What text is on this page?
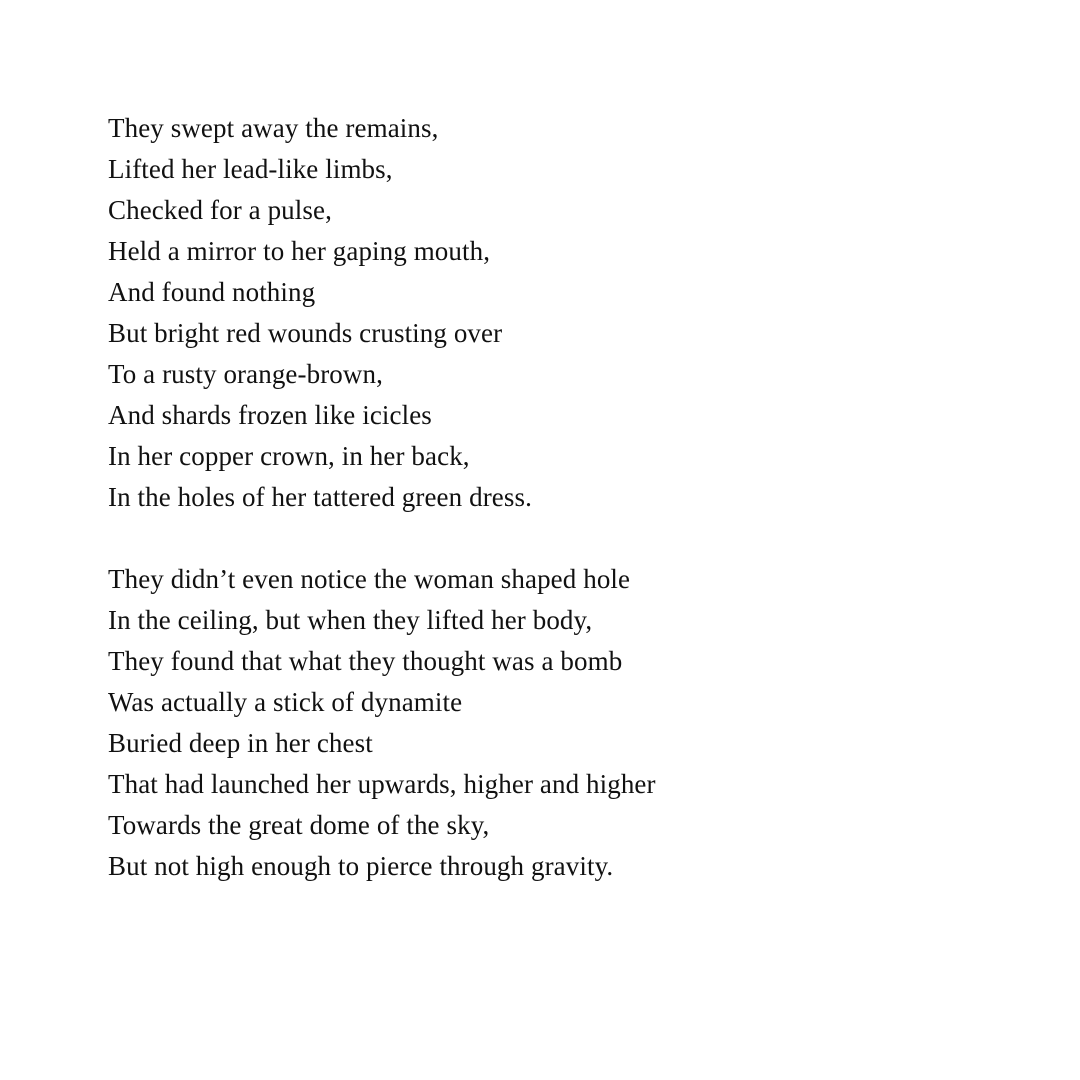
They swept away the remains,
Lifted her lead-like limbs,
Checked for a pulse,
Held a mirror to her gaping mouth,
And found nothing
But bright red wounds crusting over
To a rusty orange-brown,
And shards frozen like icicles
In her copper crown, in her back,
In the holes of her tattered green dress.
They didn’t even notice the woman shaped hole
In the ceiling, but when they lifted her body,
They found that what they thought was a bomb
Was actually a stick of dynamite
Buried deep in her chest
That had launched her upwards, higher and higher
Towards the great dome of the sky,
But not high enough to pierce through gravity.
